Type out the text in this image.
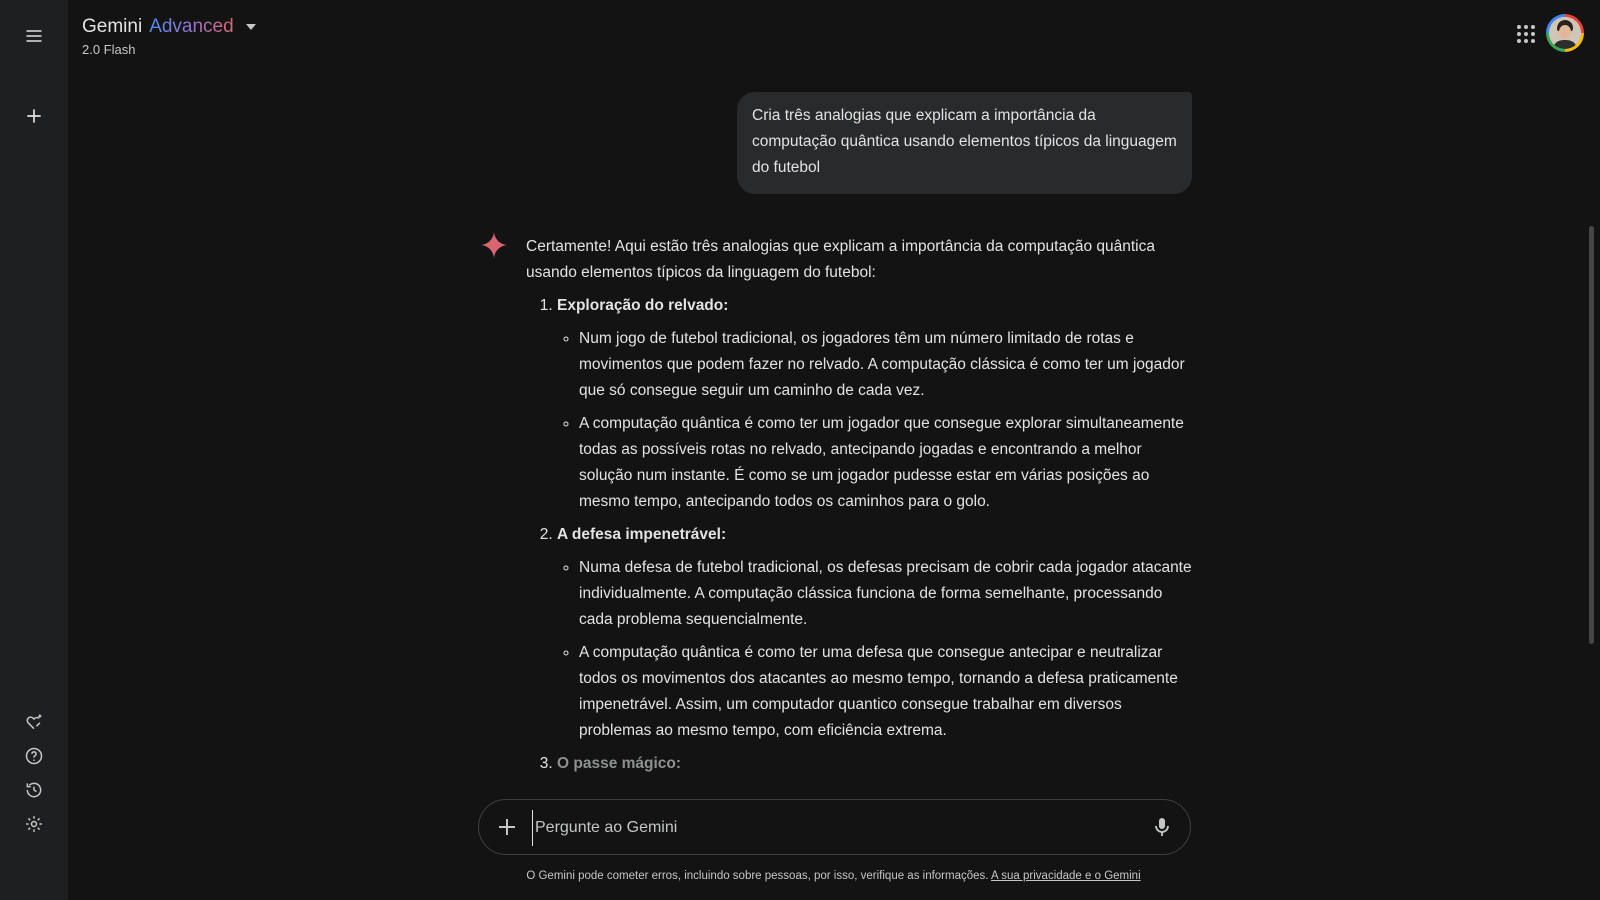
Gemini Advanced
2.0 Flash
Cria três analogias que explicam a importância da computação quântica usando elementos típicos da linguagem do futebol

Certamente! Aqui estão três analogias que explicam a importância da computação quântica usando elementos típicos da linguagem do futebol:

1. Exploração do relvado:
◦ Num jogo de futebol tradicional, os jogadores têm um número limitado de rotas e movimentos que podem fazer no relvado. A computação clássica é como ter um jogador que só consegue seguir um caminho de cada vez.
◦ A computação quântica é como ter um jogador que consegue explorar simultaneamente todas as possíveis rotas no relvado, antecipando jogadas e encontrando a melhor solução num instante. É como se um jogador pudesse estar em várias posições ao mesmo tempo, antecipando todos os caminhos para o golo.
2. A defesa impenetrável:
◦ Numa defesa de futebol tradicional, os defesas precisam de cobrir cada jogador atacante individualmente. A computação clássica funciona de forma semelhante, processando cada problema sequencialmente.
◦ A computação quântica é como ter uma defesa que consegue antecipar e neutralizar todos os movimentos dos atacantes ao mesmo tempo, tornando a defesa praticamente impenetrável. Assim, um computador quantico consegue trabalhar em diversos problemas ao mesmo tempo, com eficiência extrema.
3. O passe mágico:
Pergunte ao Gemini
O Gemini pode cometer erros, incluindo sobre pessoas, por isso, verifique as informações. A sua privacidade e o Gemini
